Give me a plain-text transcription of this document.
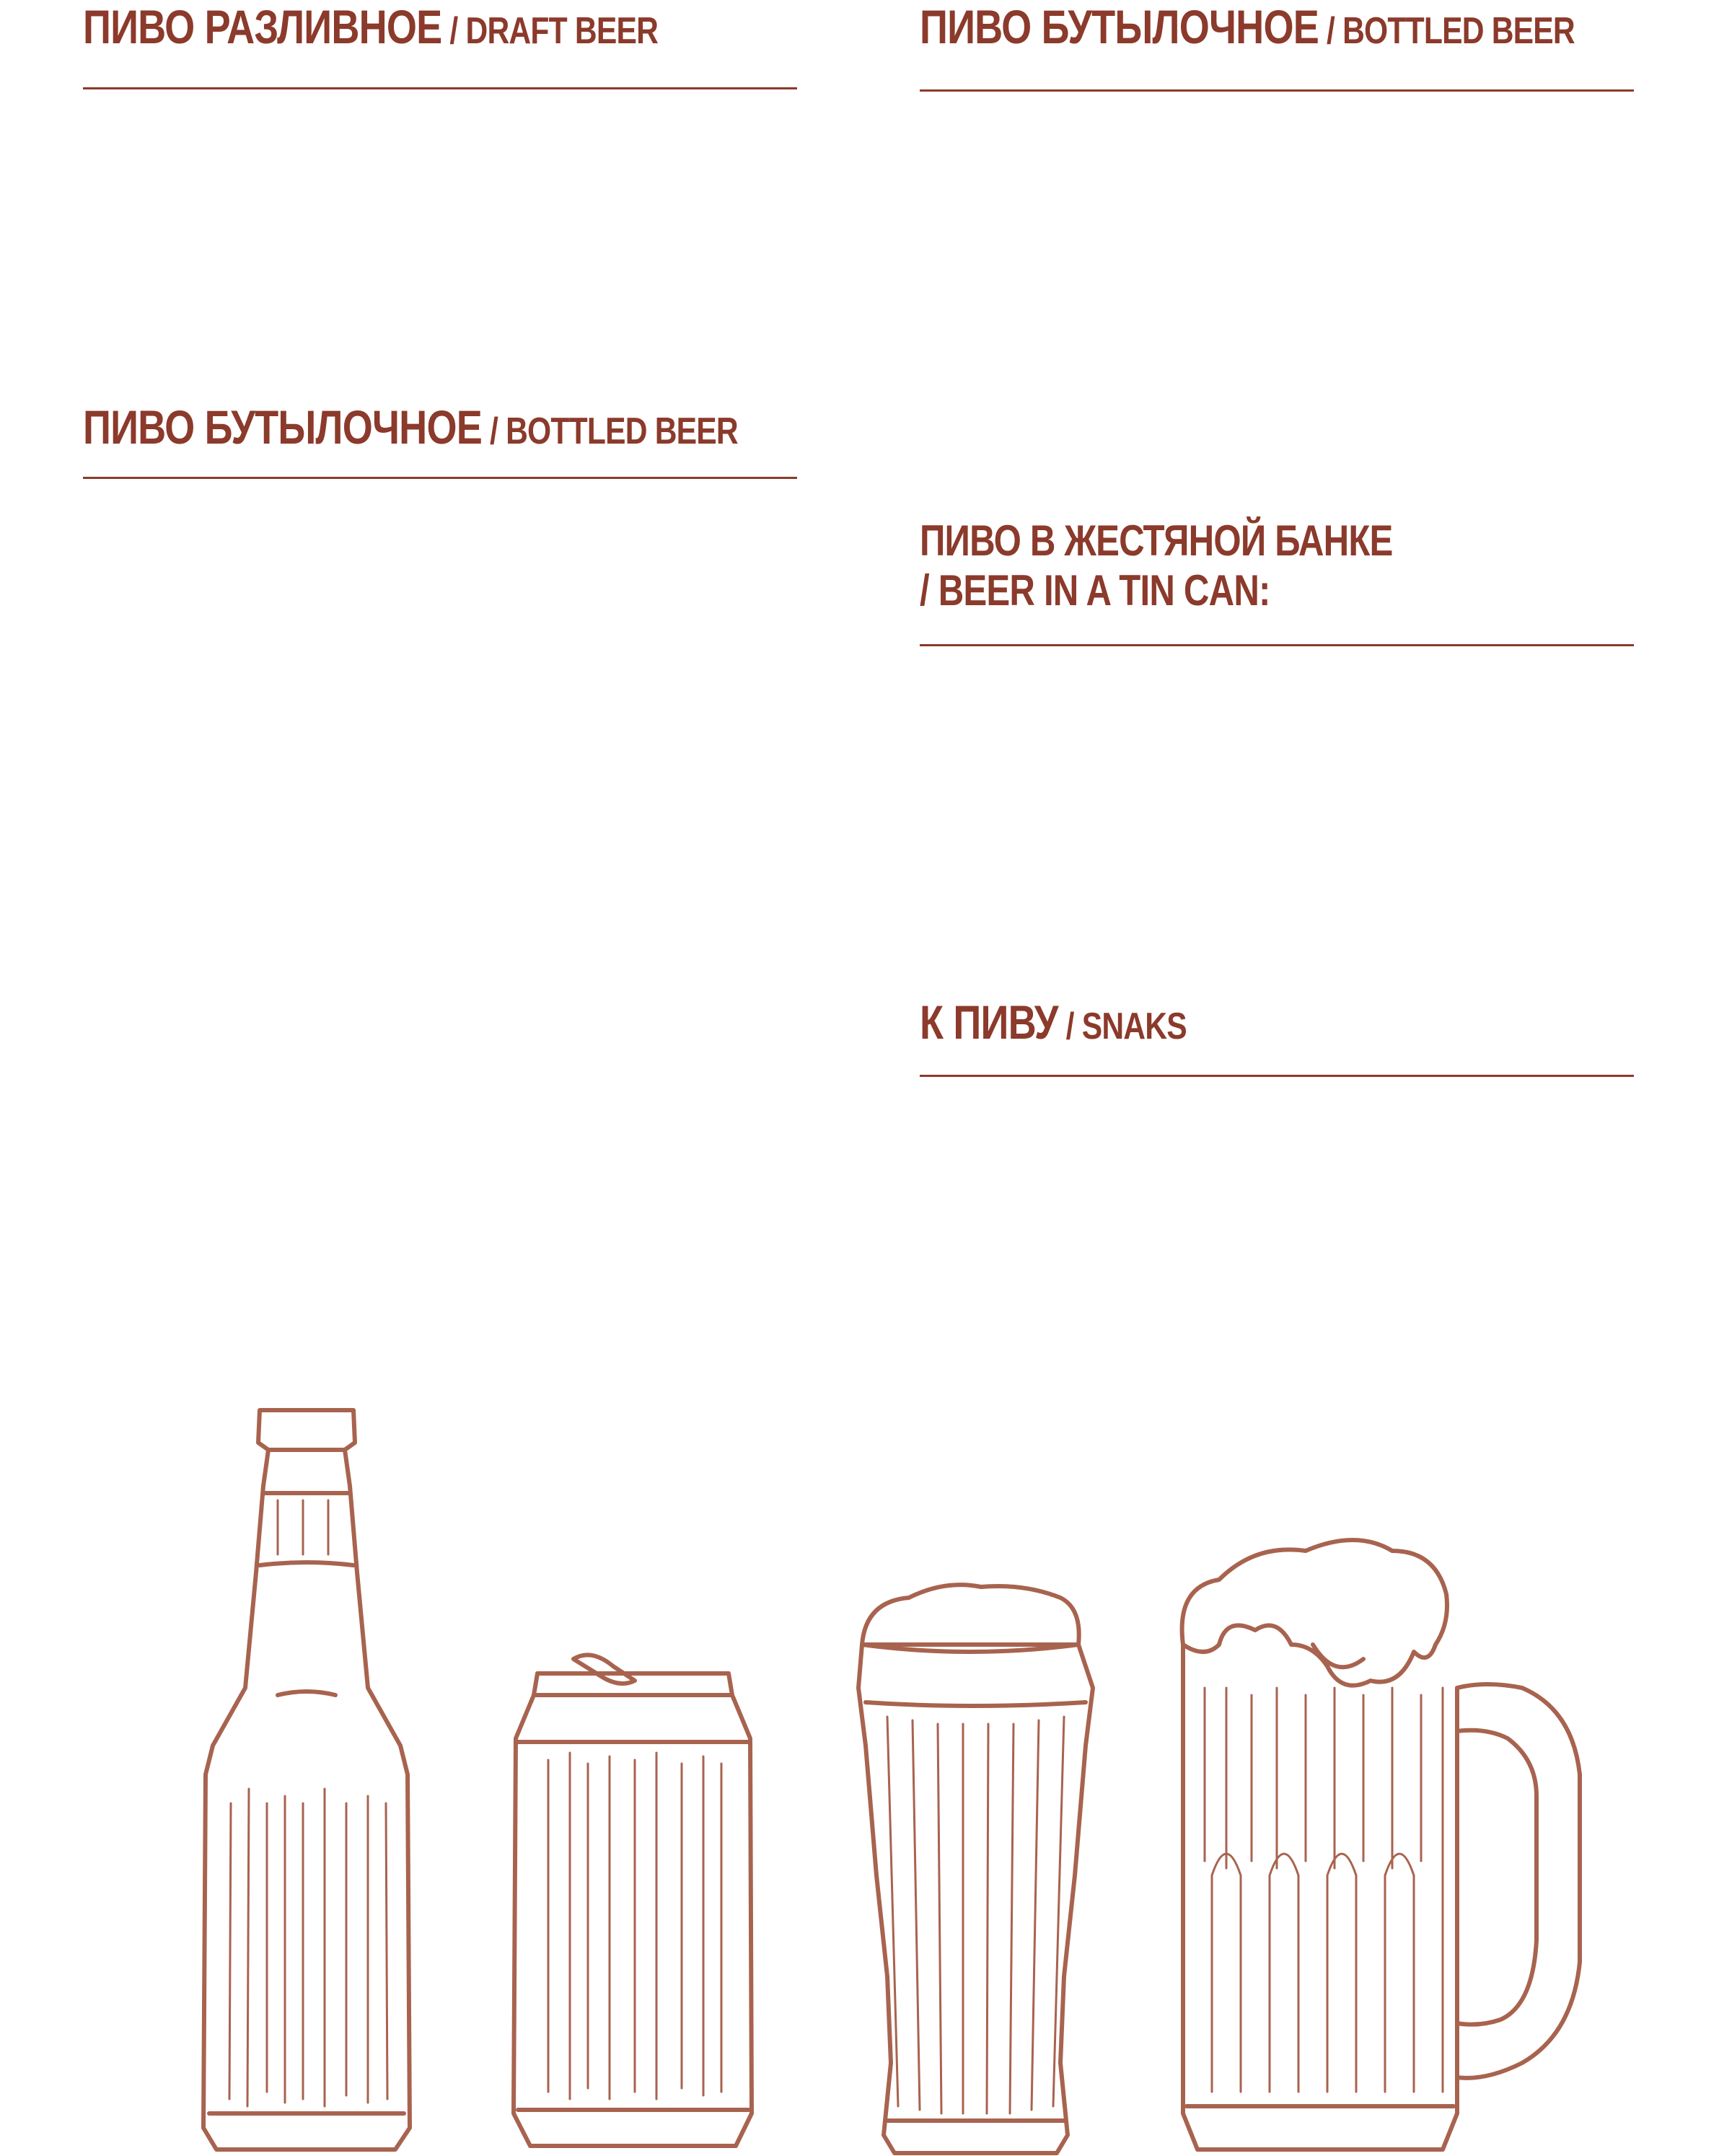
ПИВО РАЗЛИВНОЕ / DRAFT BEER	ПИВО БУТЫЛОЧНОЕ / BOTTLED BEER
ПИВО БУТЫЛОЧНОЕ / BOTTLED BEER
ПИВО В ЖЕСТЯНОЙ БАНКЕ
/ BEER IN A TIN CAN:
К ПИВУ / SNAKS
